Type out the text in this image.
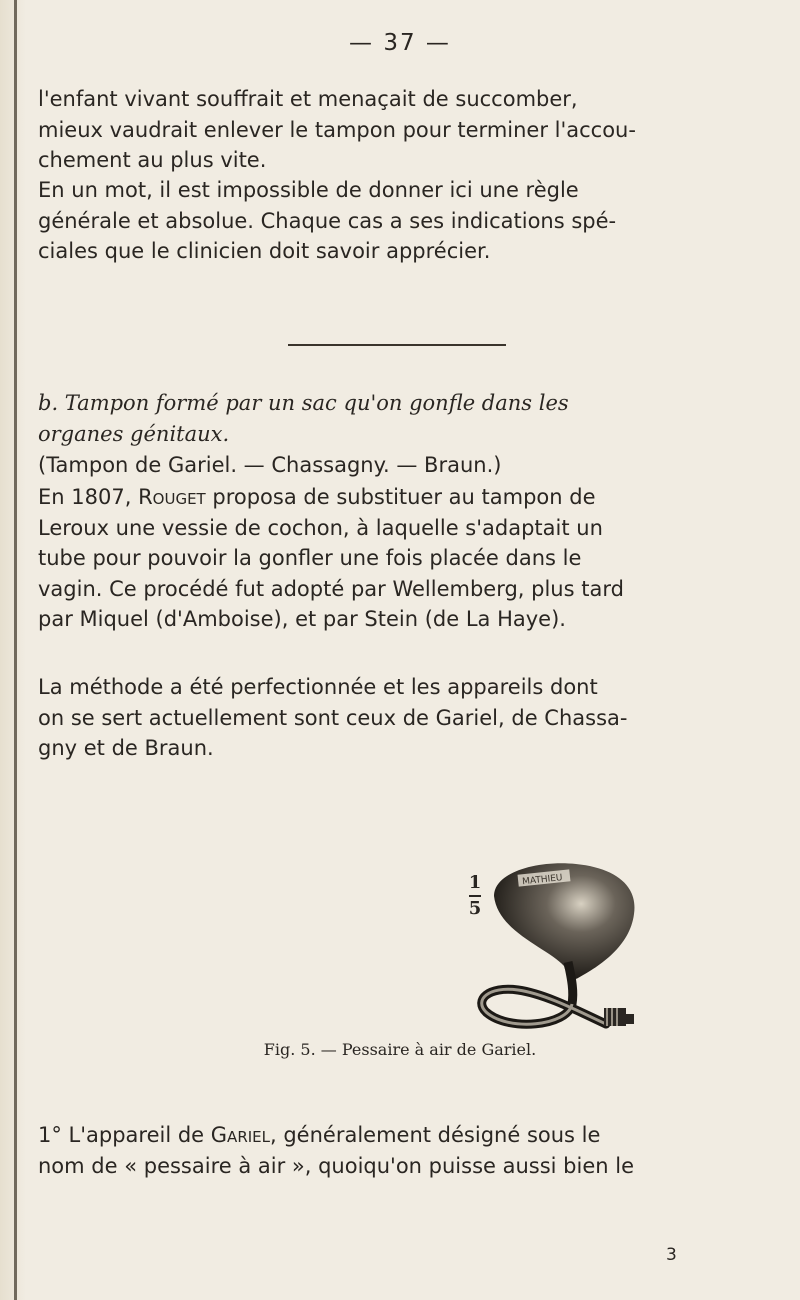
— 37 —

l'enfant vivant souffrait et menaçait de succomber,
mieux vaudrait enlever le tampon pour terminer l'accou-
chement au plus vite.

En un mot, il est impossible de donner ici une règle
générale et absolue. Chaque cas a ses indications spé-
ciales que le clinicien doit savoir apprécier.

b. Tampon formé par un sac qu'on gonfle dans les
organes génitaux.

(Tampon de Gariel. — Chassagny. — Braun.)

En 1807, Rouget proposa de substituer au tampon de
Leroux une vessie de cochon, à laquelle s'adaptait un
tube pour pouvoir la gonfler une fois placée dans le
vagin. Ce procédé fut adopté par Wellemberg, plus tard
par Miquel (d'Amboise), et par Stein (de La Haye).

La méthode a été perfectionnée et les appareils dont
on se sert actuellement sont ceux de Gariel, de Chassa-
gny et de Braun.

1
5
MATHIEU
Fig. 5. — Pessaire à air de Gariel.

1° L'appareil de Gariel, généralement désigné sous le
nom de « pessaire à air », quoiqu'on puisse aussi bien le

3
